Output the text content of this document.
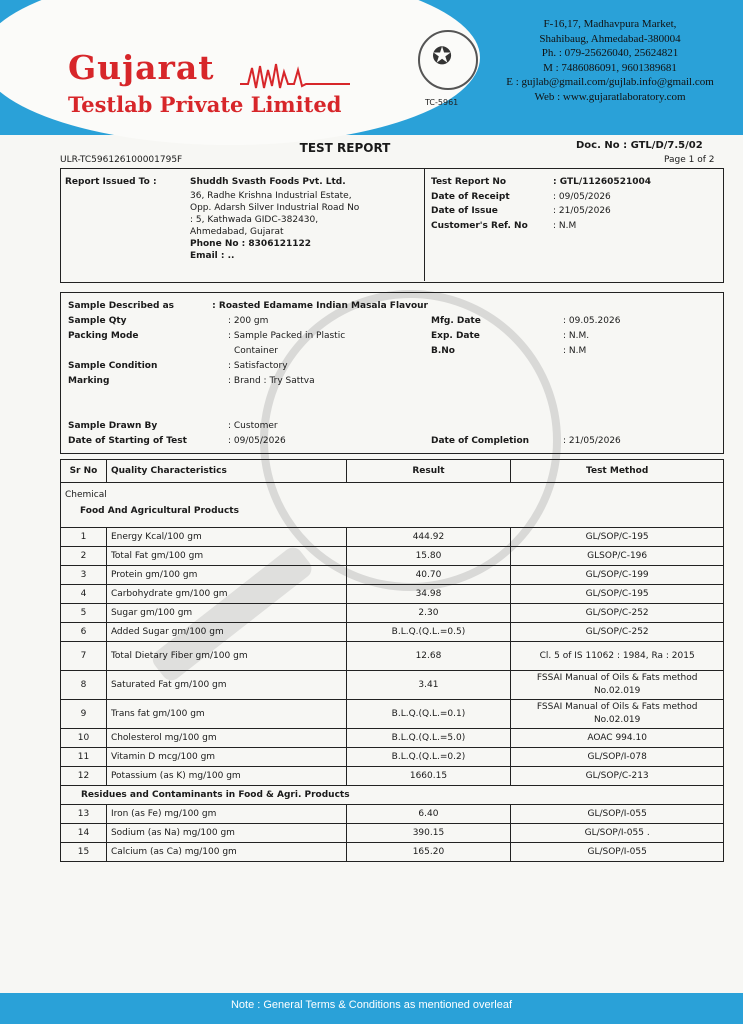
Gujarat
Testlab Private Limited
✪
TC-5961
F-16,17, Madhavpura Market,
Shahibaug, Ahmedabad-380004
Ph. : 079-25626040, 25624821
M : 7486086091, 9601389681
E : gujlab@gmail.com/gujlab.info@gmail.com
Web : www.gujaratlaboratory.com
TEST REPORT	Doc. No : GTL/D/7.5/02
ULR-TC596126100001795F	Page 1 of 2
Report Issued To :	Shuddh Svasth Foods Pvt. Ltd.
36, Radhe Krishna Industrial Estate,
Opp. Adarsh Silver Industrial Road No
: 5, Kathwada GIDC-382430,
Ahmedabad, Gujarat
Phone No : 8306121122
Email : ..
Test Report No	: GTL/11260521004
Date of Receipt	: 09/05/2026
Date of Issue	: 21/05/2026
Customer's Ref. No	: N.M
Sample Described as	: Roasted Edamame Indian Masala Flavour
Sample Qty	: 200 gm
Packing Mode	: Sample Packed in Plastic
Container
Sample Condition	: Satisfactory
Marking	: Brand : Try Sattva
Mfg. Date	: 09.05.2026
Exp. Date	: N.M.
B.No	: N.M
Sample Drawn By	: Customer
Date of Starting of Test	: 09/05/2026	Date of Completion	: 21/05/2026
Sr No	Quality Characteristics	Result	Test Method

Chemical
Food And Agricultural Products			

1	Energy Kcal/100 gm	444.92	GL/SOP/C-195
2	Total Fat gm/100 gm	15.80	GLSOP/C-196
3	Protein gm/100 gm	40.70	GL/SOP/C-199
4	Carbohydrate gm/100 gm	34.98	GL/SOP/C-195
5	Sugar gm/100 gm	2.30	GL/SOP/C-252
6	Added Sugar gm/100 gm	B.L.Q.(Q.L.=0.5)	GL/SOP/C-252
7	Total Dietary Fiber gm/100 gm	12.68	Cl. 5 of IS 11062 : 1984, Ra : 2015
8	Saturated Fat gm/100 gm	3.41	FSSAI Manual of Oils & Fats method No.02.019
9	Trans fat gm/100 gm	B.L.Q.(Q.L.=0.1)	FSSAI Manual of Oils & Fats method No.02.019
10	Cholesterol mg/100 gm	B.L.Q.(Q.L.=5.0)	AOAC 994.10
11	Vitamin D mcg/100 gm	B.L.Q.(Q.L.=0.2)	GL/SOP/I-078
12	Potassium (as K) mg/100 gm	1660.15	GL/SOP/C-213
Residues and Contaminants in Food & Agri. Products			
13	Iron (as Fe) mg/100 gm	6.40	GL/SOP/I-055
14	Sodium (as Na) mg/100 gm	390.15	GL/SOP/I-055 .
15	Calcium (as Ca) mg/100 gm	165.20	GL/SOP/I-055
Note : General Terms & Conditions as mentioned overleaf
